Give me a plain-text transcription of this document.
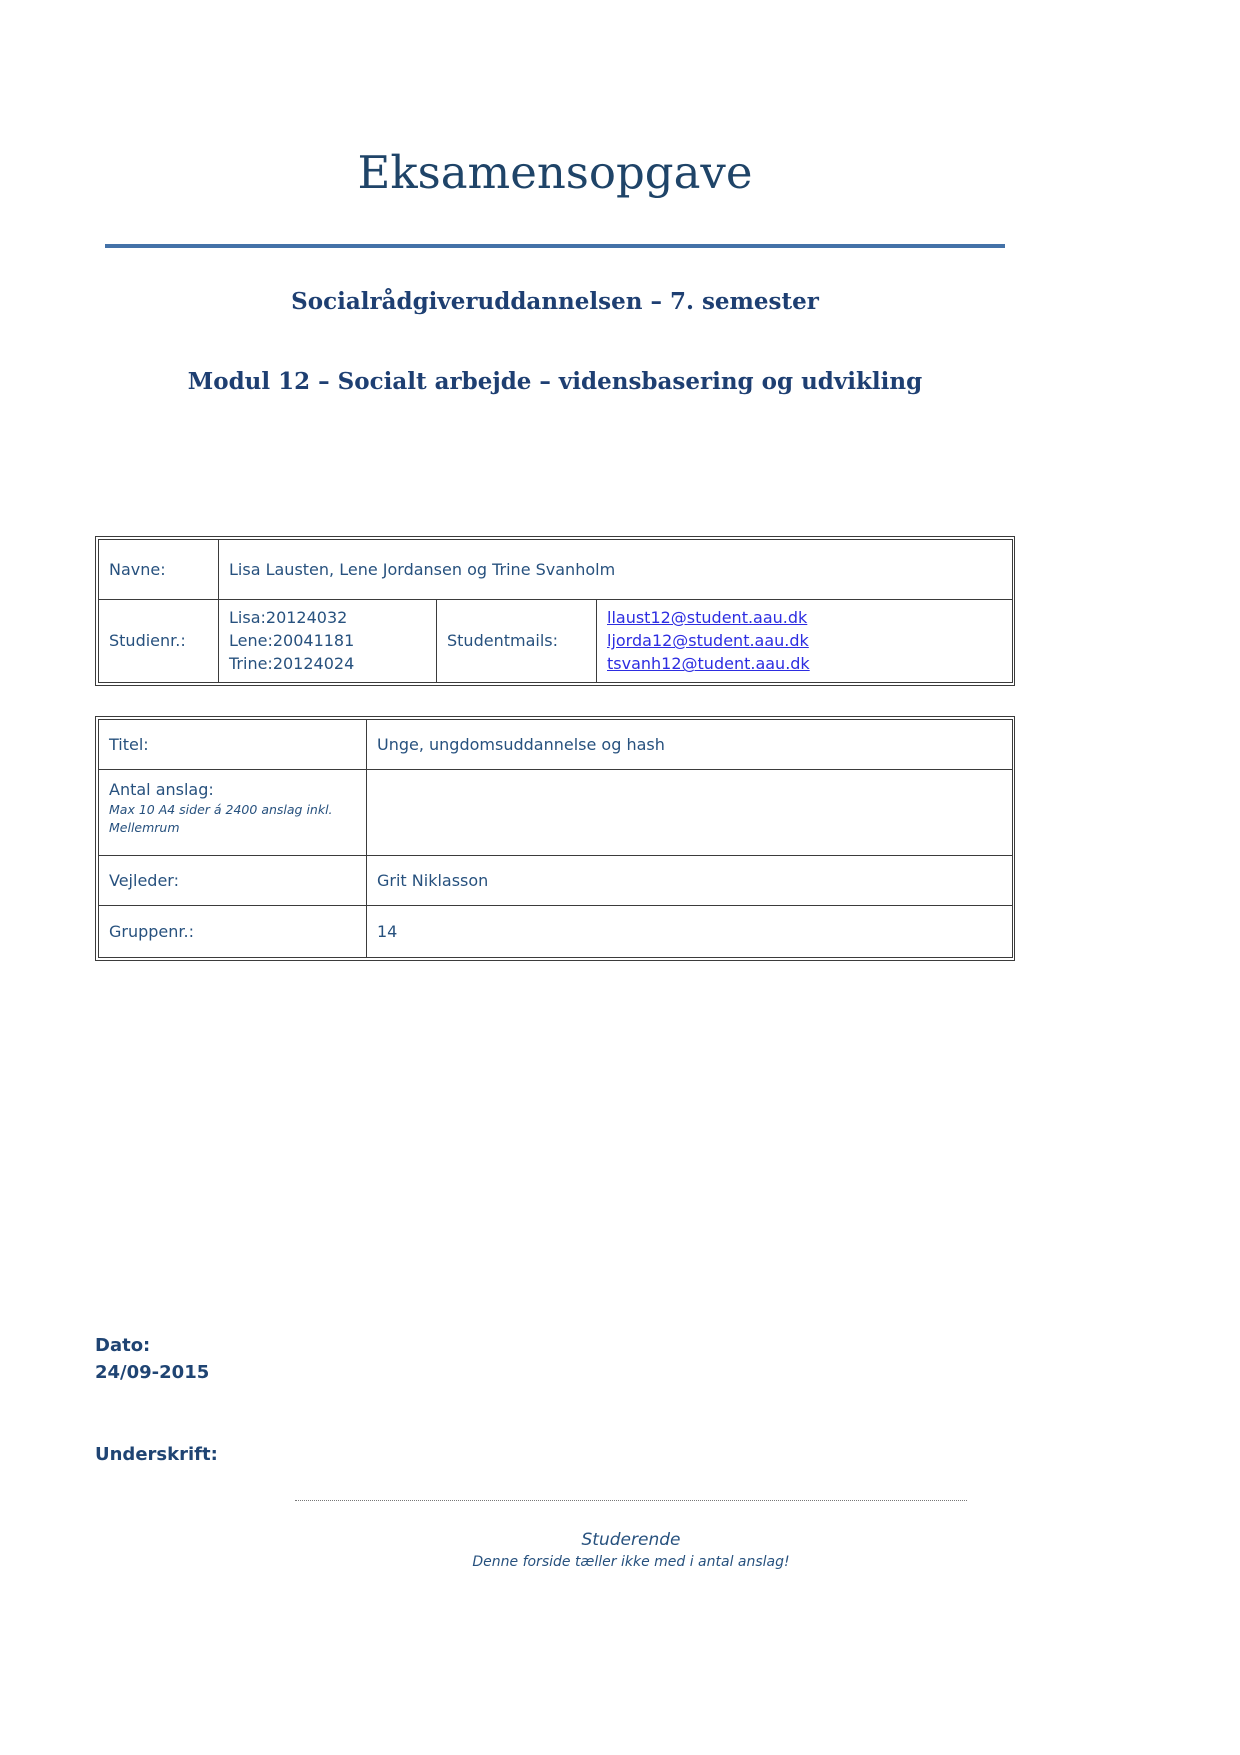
Eksamensopgave
Socialrådgiveruddannelsen – 7. semester
Modul 12 – Socialt arbejde – vidensbasering og udvikling
Navne:	Lisa Lausten, Lene Jordansen og Trine Svanholm		
Studienr.:	Lisa:20124032
Lene:20041181
Trine:20124024	Studentmails:	llaust12@student.aau.dk
ljorda12@student.aau.dk
tsvanh12@tudent.aau.dk
Titel:	Unge, ungdomsuddannelse og hash

Antal anslag:
Max 10 A4 sider á 2400 anslag inkl.
Mellemrum	

Vejleder:	Grit Niklasson
Gruppenr.:	14
Dato:
24/09-2015
Underskrift:
Studerende
Denne forside tæller ikke med i antal anslag!
